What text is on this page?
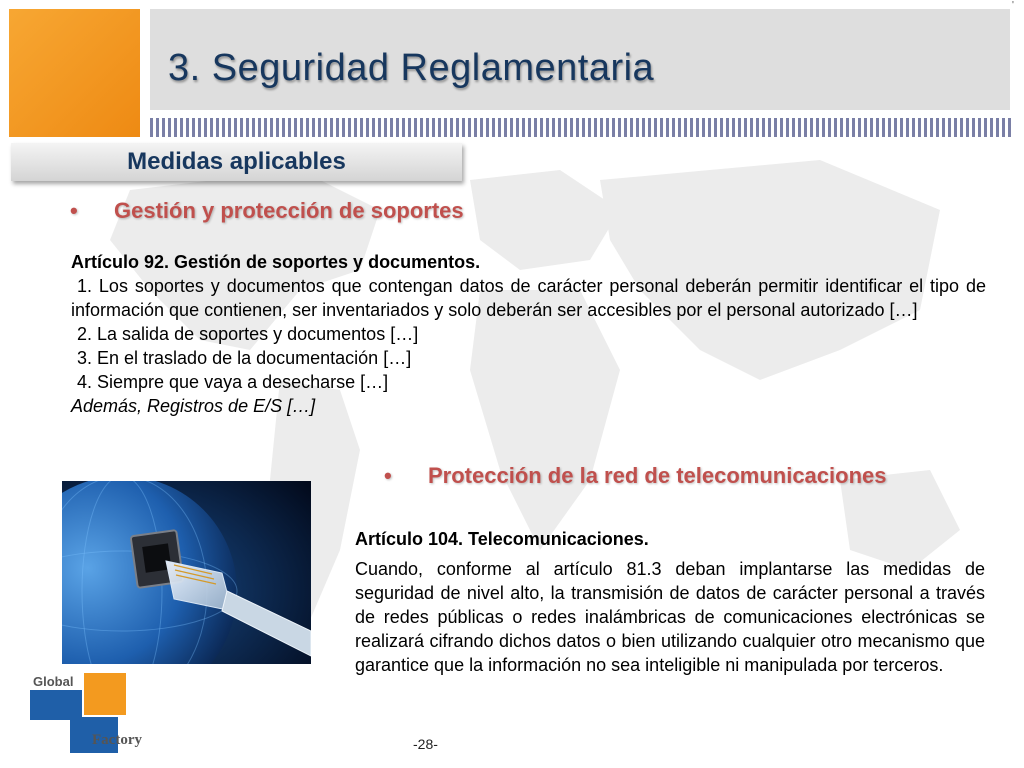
3. Seguridad Reglamentaria
'
Medidas aplicables
• Gestión y protección de soportes
Artículo 92. Gestión de soportes y documentos.
1. Los soportes y documentos que contengan datos de carácter personal deberán permitir identificar el tipo de información que contienen, ser inventariados y solo deberán ser accesibles por el personal autorizado […]
2. La salida de soportes y documentos […]
3. En el traslado de la documentación […]
4. Siempre que vaya a desecharse […]
Además, Registros de E/S […]
• Protección de la red de telecomunicaciones
Artículo 104. Telecomunicaciones.
Cuando, conforme al artículo 81.3 deban implantarse las medidas de seguridad de nivel alto, la transmisión de datos de carácter personal a través de redes públicas o redes inalámbricas de comunicaciones electrónicas se realizará cifrando dichos datos o bien utilizando cualquier otro mecanismo que garantice que la información no sea inteligible ni manipulada por terceros.
Global
Factory	-28-
